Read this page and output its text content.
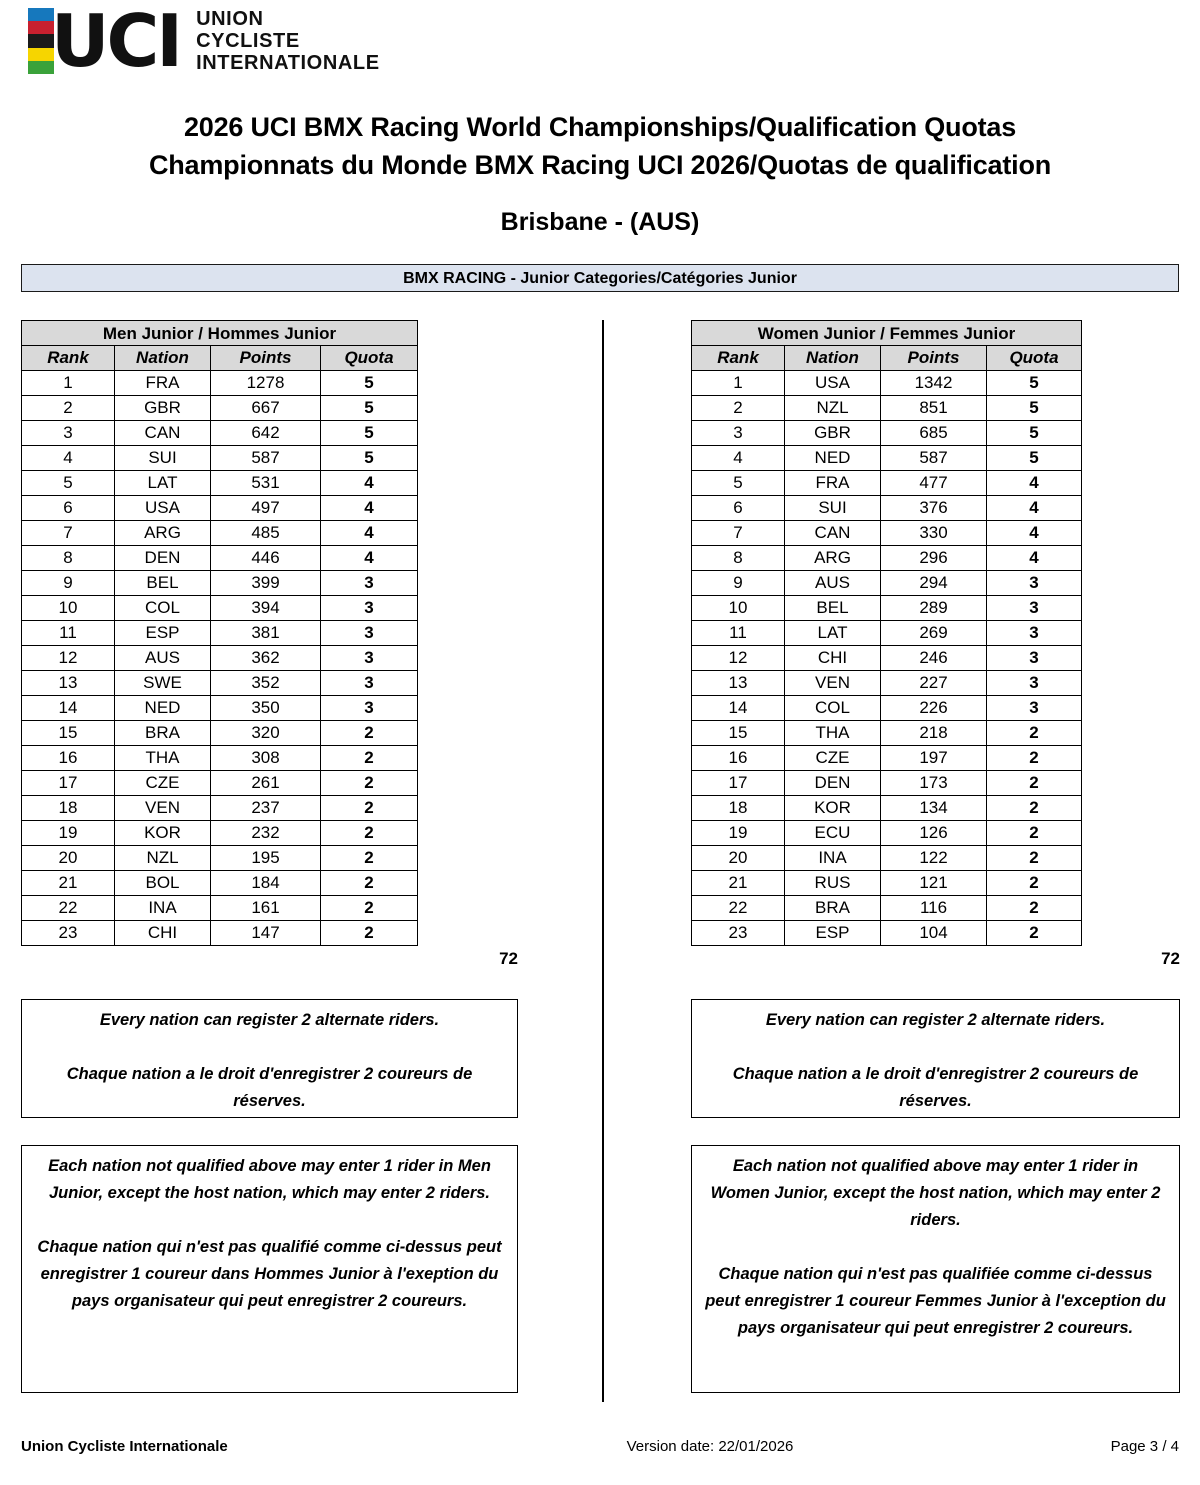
UCI UNION
CYCLISTE
INTERNATIONALE
2026 UCI BMX Racing World Championships/Qualification Quotas
Championnats du Monde BMX Racing UCI 2026/Quotas de qualification
Brisbane - (AUS)
BMX RACING - Junior Categories/Catégories Junior
Men Junior / Hommes Junior
Rank	Nation	Points	Quota
1	FRA	1278	5
2	GBR	667	5
3	CAN	642	5
4	SUI	587	5
5	LAT	531	4
6	USA	497	4
7	ARG	485	4
8	DEN	446	4
9	BEL	399	3
10	COL	394	3
11	ESP	381	3
12	AUS	362	3
13	SWE	352	3
14	NED	350	3
15	BRA	320	2
16	THA	308	2
17	CZE	261	2
18	VEN	237	2
19	KOR	232	2
20	NZL	195	2
21	BOL	184	2
22	INA	161	2
23	CHI	147	2
72
Every nation can register 2 alternate riders.
Chaque nation a le droit d'enregistrer 2 coureurs de réserves.
Each nation not qualified above may enter 1 rider in Men Junior, except the host nation, which may enter 2 riders.
Chaque nation qui n'est pas qualifié comme ci-dessus peut enregistrer 1 coureur dans Hommes Junior à l'exeption du pays organisateur qui peut enregistrer 2 coureurs.
Women Junior / Femmes Junior
Rank	Nation	Points	Quota
1	USA	1342	5
2	NZL	851	5
3	GBR	685	5
4	NED	587	5
5	FRA	477	4
6	SUI	376	4
7	CAN	330	4
8	ARG	296	4
9	AUS	294	3
10	BEL	289	3
11	LAT	269	3
12	CHI	246	3
13	VEN	227	3
14	COL	226	3
15	THA	218	2
16	CZE	197	2
17	DEN	173	2
18	KOR	134	2
19	ECU	126	2
20	INA	122	2
21	RUS	121	2
22	BRA	116	2
23	ESP	104	2
72
Every nation can register 2 alternate riders.
Chaque nation a le droit d'enregistrer 2 coureurs de réserves.
Each nation not qualified above may enter 1 rider in Women Junior, except the host nation, which may enter 2 riders.
Chaque nation qui n'est pas qualifiée comme ci-dessus peut enregistrer 1 coureur Femmes Junior à l'exception du pays organisateur qui peut enregistrer 2 coureurs.
Union Cycliste Internationale	Version date: 22/01/2026	Page 3 / 4
